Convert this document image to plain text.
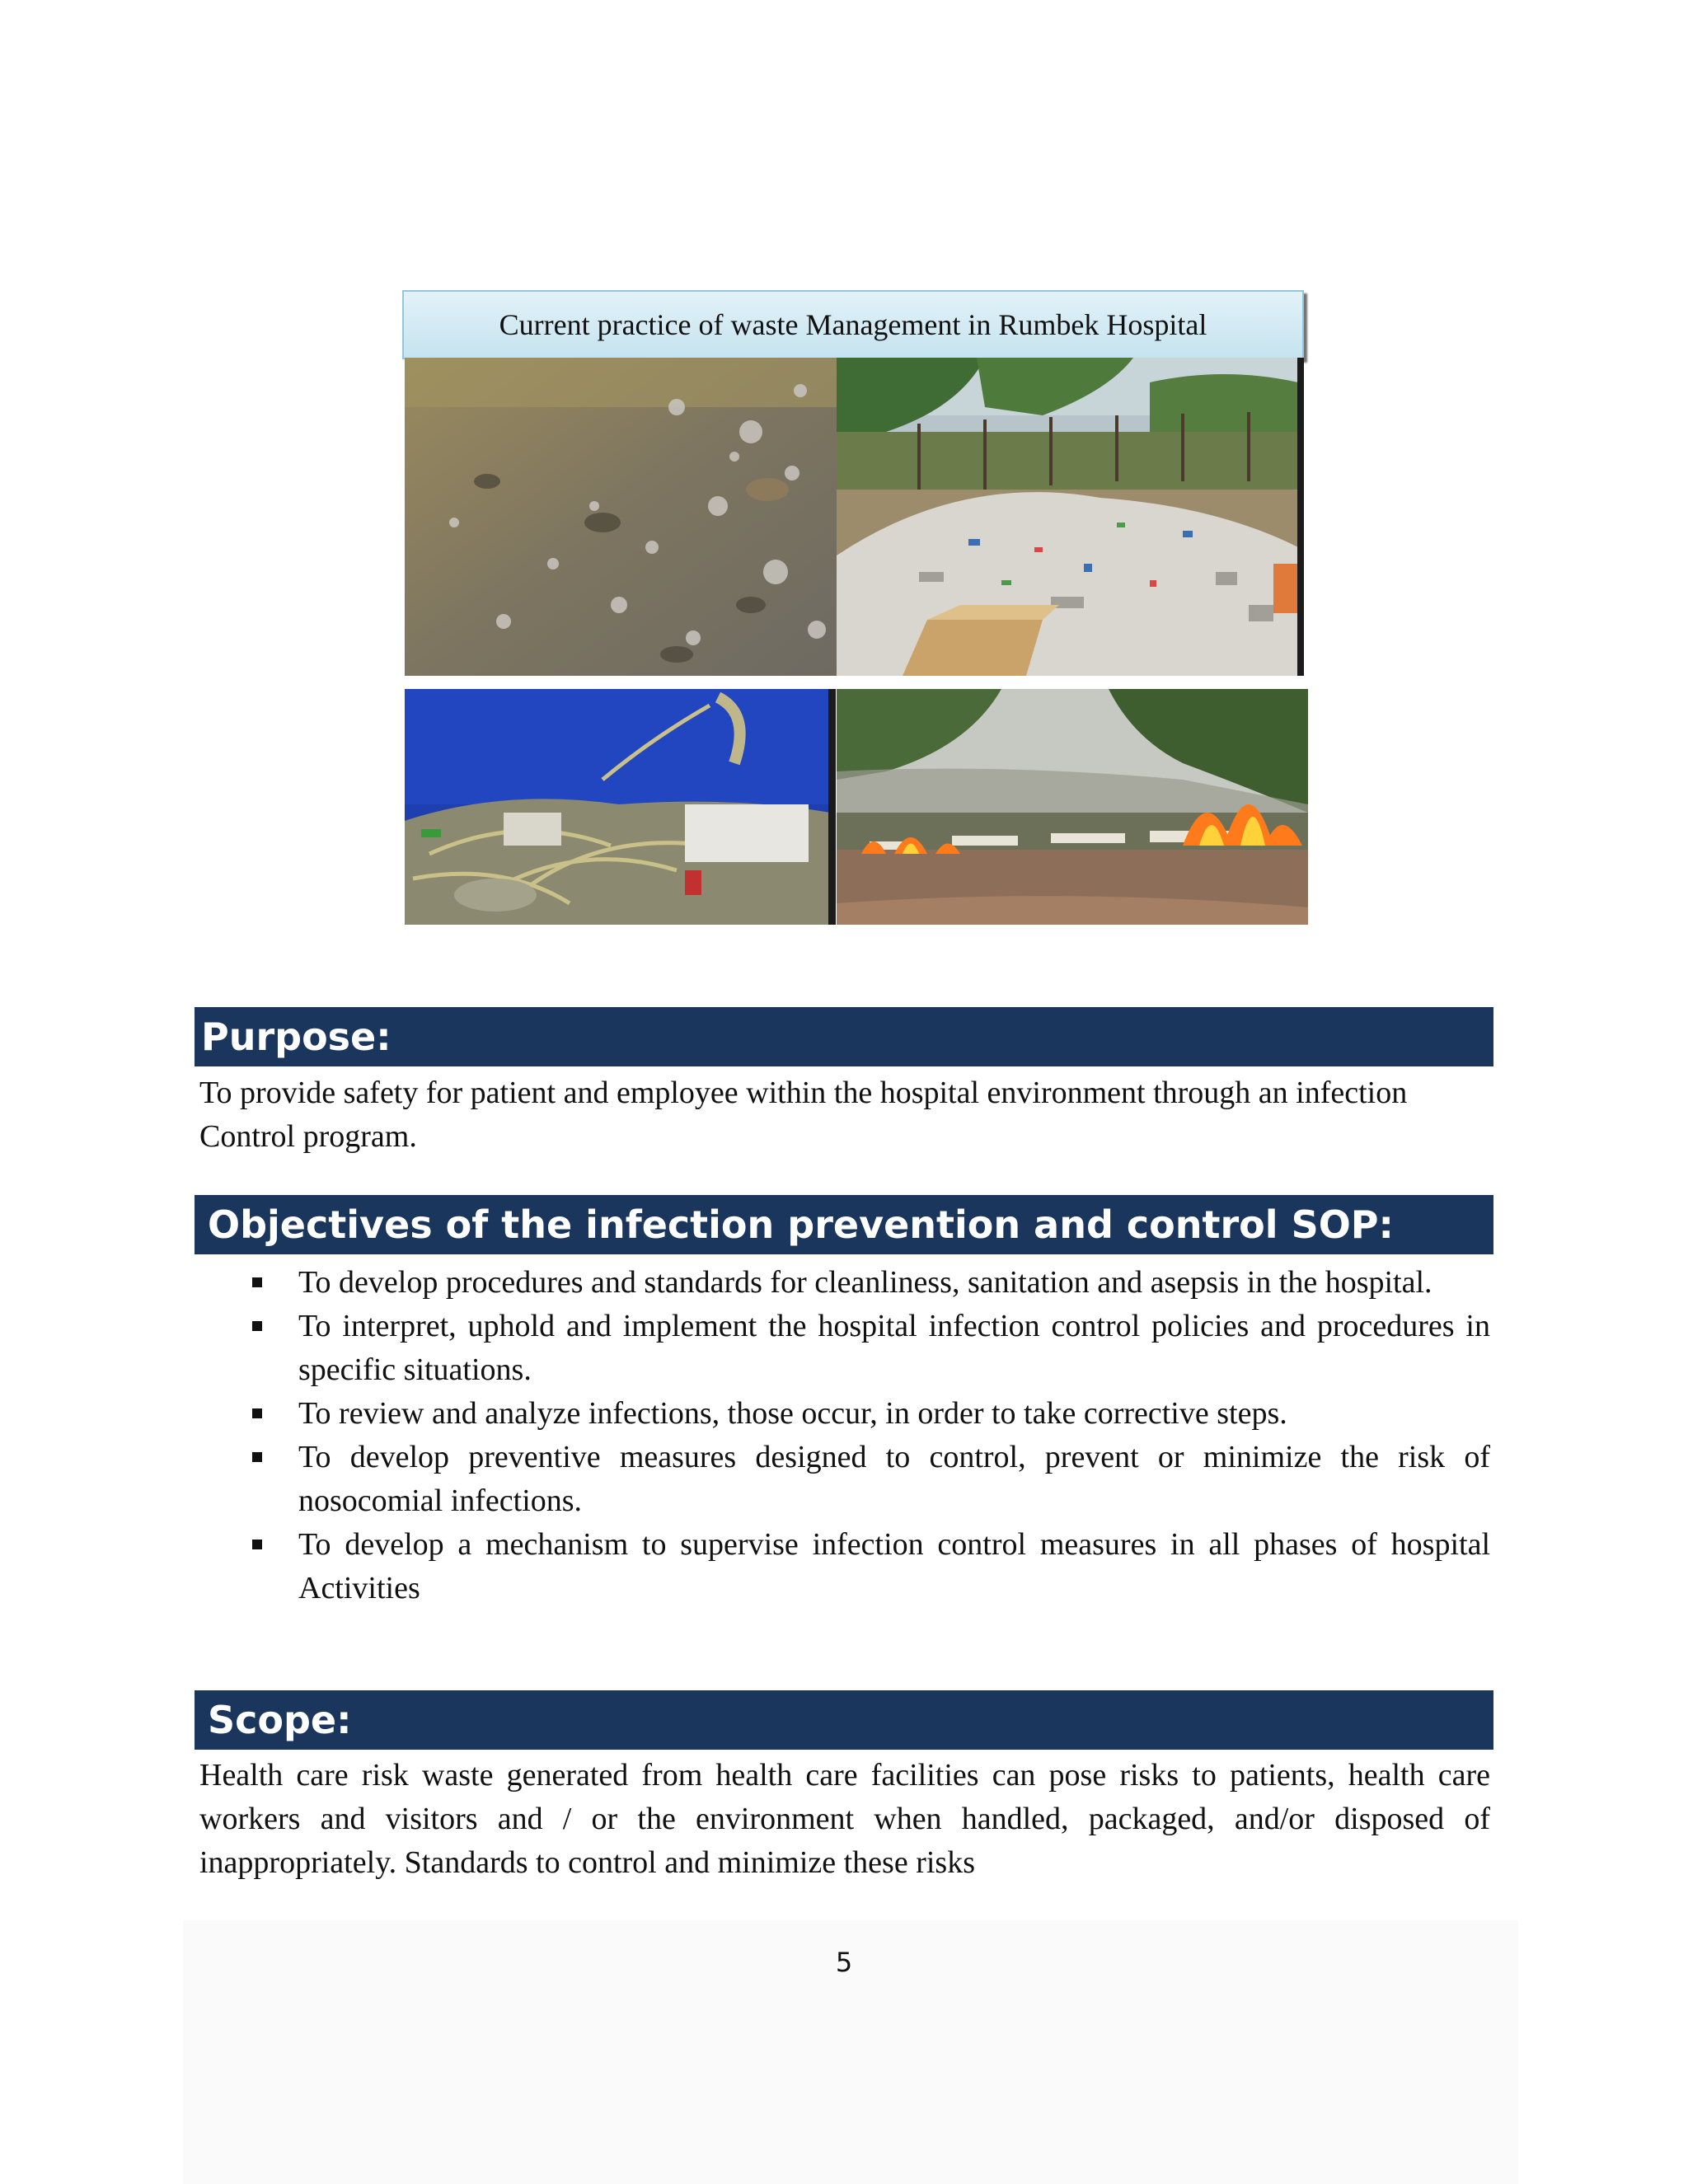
Current practice of waste Management in Rumbek Hospital
Purpose:

To provide safety for patient and employee within the hospital environment through an infection Control program.

Objectives of the infection prevention and control SOP:
To develop procedures and standards for cleanliness, sanitation and asepsis in the hospital.
To interpret, uphold and implement the hospital infection control policies and procedures in specific situations.
To review and analyze infections, those occur, in order to take corrective steps.
To develop preventive measures designed to control, prevent or minimize the risk of nosocomial infections.
To develop a mechanism to supervise infection control measures in all phases of hospital Activities
Scope:

Health care risk waste generated from health care facilities can pose risks to patients, health care workers and visitors and / or the environment when handled, packaged, and/or disposed of inappropriately. Standards to control and minimize these risks

5
